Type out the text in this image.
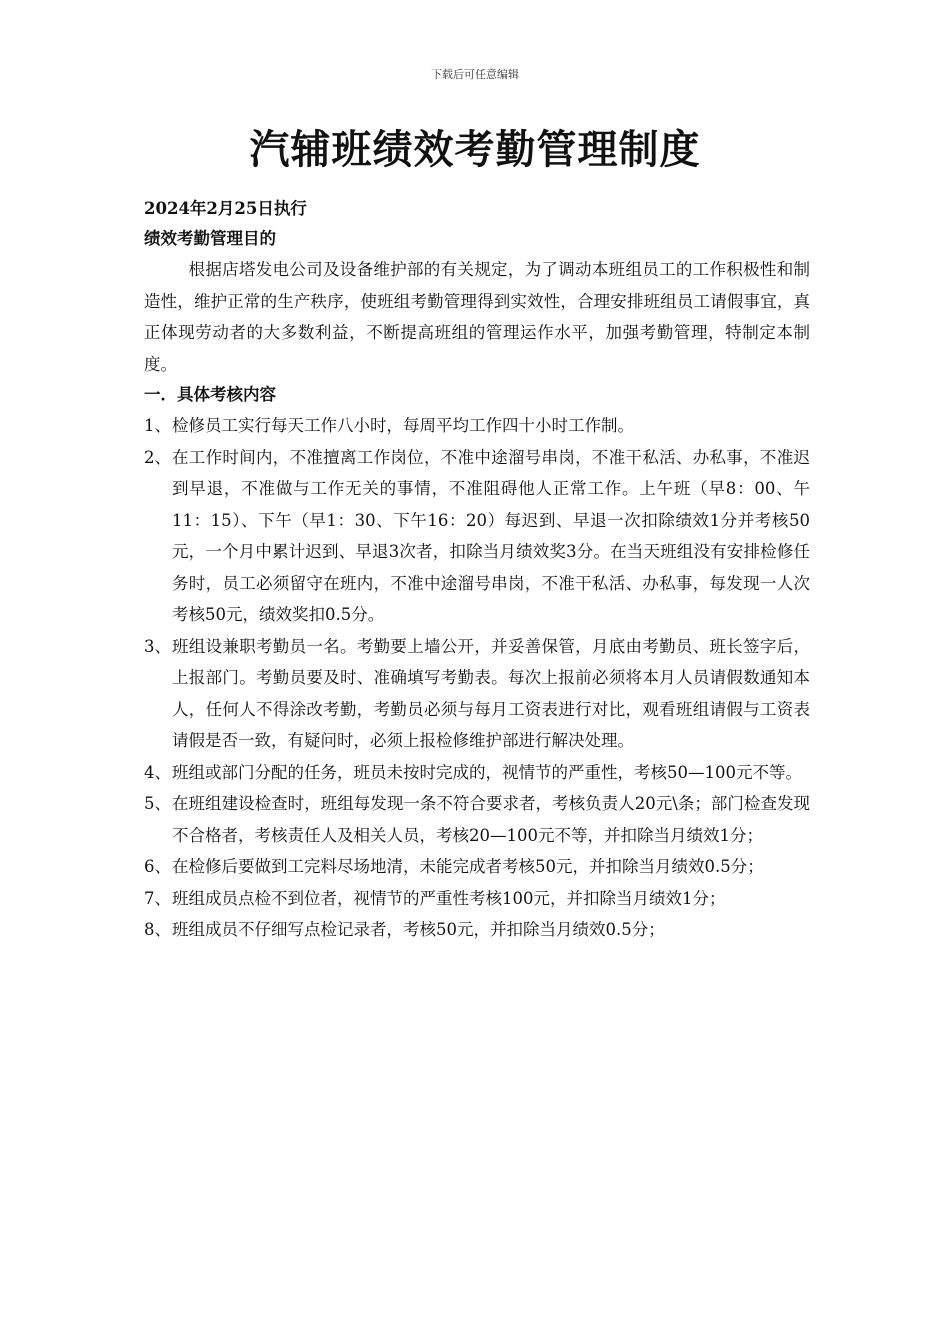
下载后可任意编辑
汽辅班绩效考勤管理制度

2024年2月25日执行

绩效考勤管理目的

根据店塔发电公司及设备维护部的有关规定，为了调动本班组员工的工作积极性和制造性，维护正常的生产秩序，使班组考勤管理得到实效性，合理安排班组员工请假事宜，真正体现劳动者的大多数利益，不断提高班组的管理运作水平，加强考勤管理，特制定本制度。

一．具体考核内容

1、 检修员工实行每天工作八小时，每周平均工作四十小时工作制。

2、 在工作时间内，不准擅离工作岗位，不准中途溜号串岗，不准干私活、办私事，不准迟到早退，不准做与工作无关的事情，不准阻碍他人正常工作。上午班（早8：00、午11：15）、下午（早1：30、下午16：20）每迟到、早退一次扣除绩效1分并考核50元，一个月中累计迟到、早退3次者，扣除当月绩效奖3分。在当天班组没有安排检修任务时，员工必须留守在班内，不准中途溜号串岗，不准干私活、办私事，每发现一人次考核50元，绩效奖扣0.5分。

3、 班组设兼职考勤员一名。考勤要上墙公开，并妥善保管，月底由考勤员、班长签字后，上报部门。考勤员要及时、准确填写考勤表。每次上报前必须将本月人员请假数通知本人，任何人不得涂改考勤，考勤员必须与每月工资表进行对比，观看班组请假与工资表请假是否一致，有疑问时，必须上报检修维护部进行解决处理。

4、 班组或部门分配的任务，班员未按时完成的，视情节的严重性，考核50—100元不等。

5、 在班组建设检查时，班组每发现一条不符合要求者，考核负责人20元\条；部门检查发现不合格者，考核责任人及相关人员，考核20—100元不等，并扣除当月绩效1分；

6、 在检修后要做到工完料尽场地清，未能完成者考核50元，并扣除当月绩效0.5分；

7、 班组成员点检不到位者，视情节的严重性考核100元，并扣除当月绩效1分；

8、 班组成员不仔细写点检记录者，考核50元，并扣除当月绩效0.5分；
